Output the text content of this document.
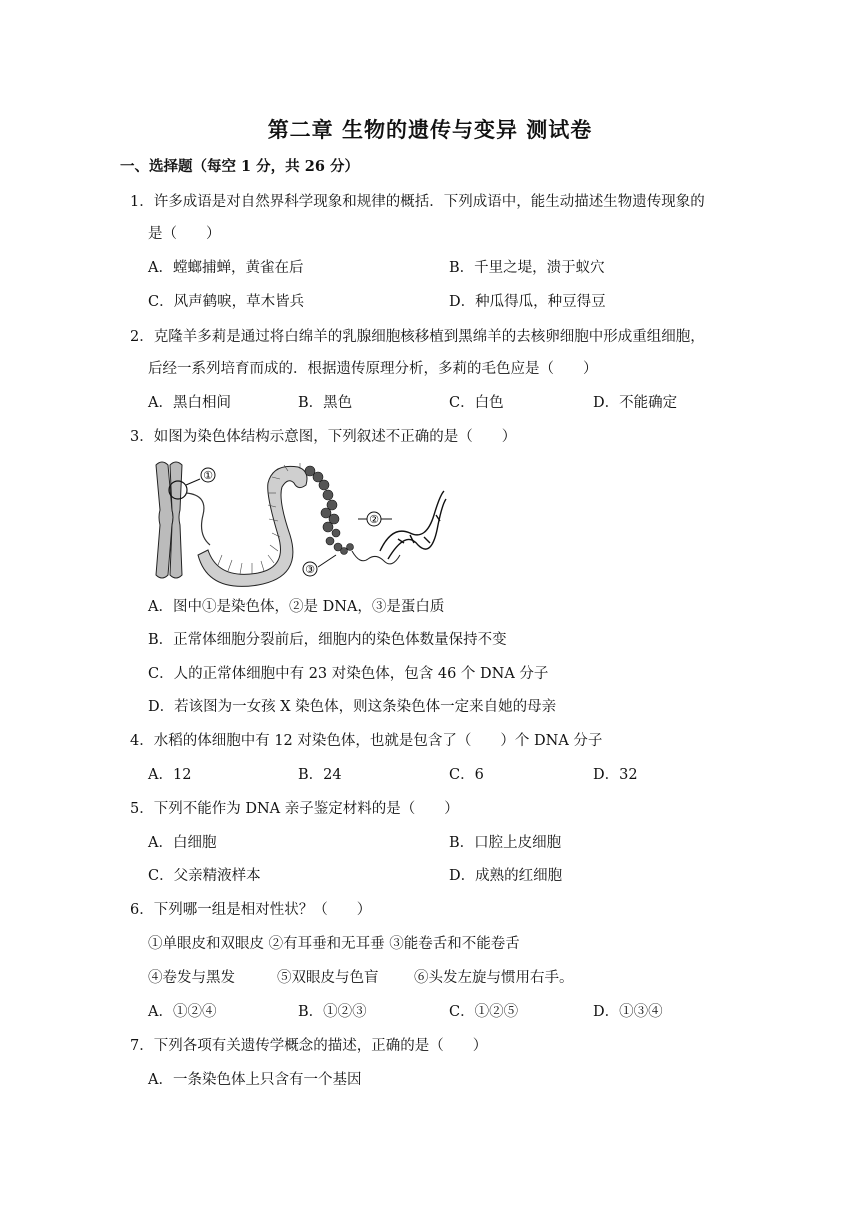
第二章 生物的遗传与变异 测试卷
一、选择题（每空 1 分，共 26 分）
1．许多成语是对自然界科学现象和规律的概括．下列成语中，能生动描述生物遗传现象的
是（　　）
A．螳螂捕蝉，黄雀在后	B．千里之堤，溃于蚁穴
C．风声鹤唳，草木皆兵	D．种瓜得瓜，种豆得豆
2．克隆羊多莉是通过将白绵羊的乳腺细胞核移植到黑绵羊的去核卵细胞中形成重组细胞，
后经一系列培育而成的．根据遗传原理分析，多莉的毛色应是（　　）
A．黑白相间	B．黑色	C．白色	D．不能确定
3．如图为染色体结构示意图，下列叙述不正确的是（　　）
①
②
③
A．图中①是染色体，②是 DNA，③是蛋白质
B．正常体细胞分裂前后，细胞内的染色体数量保持不变
C．人的正常体细胞中有 23 对染色体，包含 46 个 DNA 分子
D．若该图为一女孩 X 染色体，则这条染色体一定来自她的母亲
4．水稻的体细胞中有 12 对染色体，也就是包含了（　　）个 DNA 分子
A．12	B．24	C．6	D．32
5．下列不能作为 DNA 亲子鉴定材料的是（　　）
A．白细胞	B．口腔上皮细胞
C．父亲精液样本	D．成熟的红细胞
6．下列哪一组是相对性状？（　　）
①单眼皮和双眼皮 ②有耳垂和无耳垂 ③能卷舌和不能卷舌
④卷发与黑发	⑤双眼皮与色盲 ⑥头发左旋与惯用右手。
A．①②④	B．①②③	C．①②⑤	D．①③④
7．下列各项有关遗传学概念的描述，正确的是（　　）
A．一条染色体上只含有一个基因
